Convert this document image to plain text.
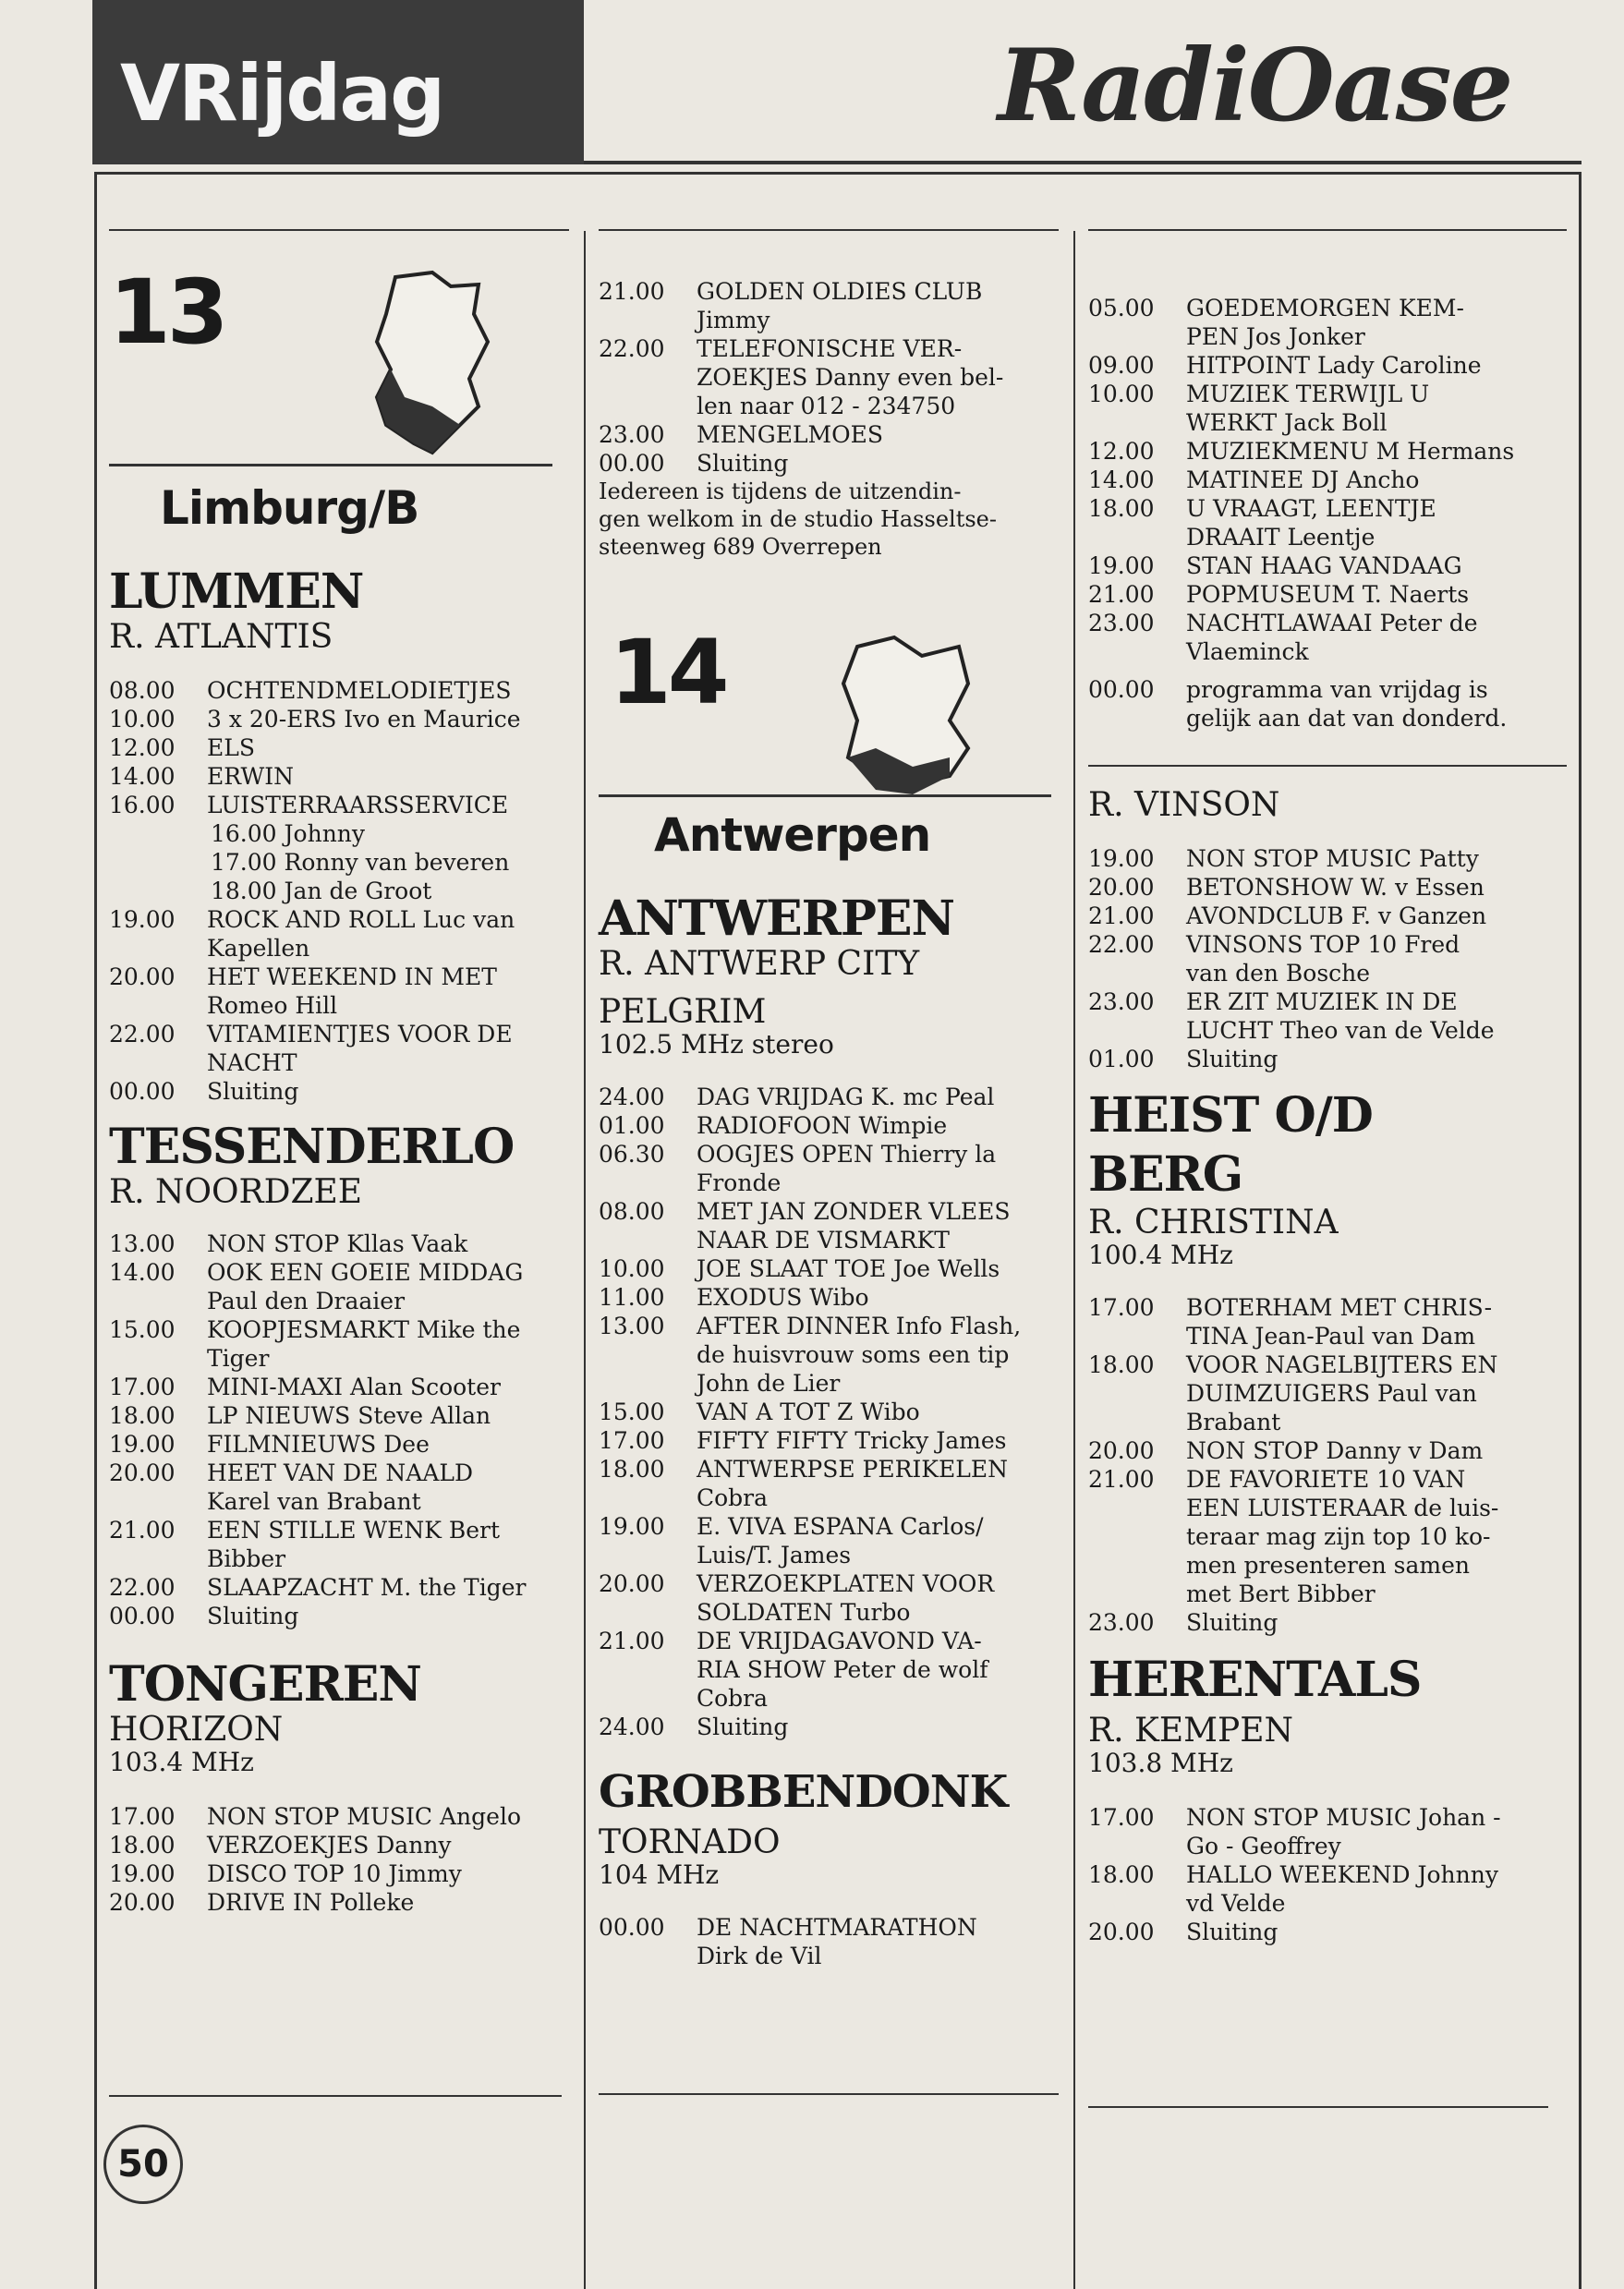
VRijdag	RadiOase
13
Limburg/B

LUMMEN

R. ATLANTIS

08.00	OCHTENDMELODIETJES
10.00	3 x 20-ERS Ivo en Maurice
12.00	ELS
14.00	ERWIN
16.00	LUISTERRAARSSERVICE

16.00 Johnny

17.00 Ronny van beveren

18.00 Jan de Groot

19.00	ROCK AND ROLL Luc van
Kapellen
20.00	HET WEEKEND IN MET
Romeo Hill
22.00	VITAMIENTJES VOOR DE
NACHT
00.00	Sluiting

TESSENDERLO

R. NOORDZEE

13.00	NON STOP Kllas Vaak
14.00	OOK EEN GOEIE MIDDAG
Paul den Draaier
15.00	KOOPJESMARKT Mike the
Tiger
17.00	MINI-MAXI Alan Scooter
18.00	LP NIEUWS Steve Allan
19.00	FILMNIEUWS Dee
20.00	HEET VAN DE NAALD
Karel van Brabant
21.00	EEN STILLE WENK Bert
Bibber
22.00	SLAAPZACHT M. the Tiger
00.00	Sluiting

TONGEREN

HORIZON

103.4 MHz

17.00	NON STOP MUSIC Angelo
18.00	VERZOEKJES Danny
19.00	DISCO TOP 10 Jimmy
20.00	DRIVE IN Polleke
21.00	GOLDEN OLDIES CLUB
Jimmy
22.00	TELEFONISCHE VER-
ZOEKJES Danny even bel-
len naar 012 - 234750
23.00	MENGELMOES
00.00	Sluiting

Iedereen is tijdens de uitzendin-
gen welkom in de studio Hasseltse-
steenweg 689 Overrepen

14
Antwerpen

ANTWERPEN

R. ANTWERP CITY

PELGRIM

102.5 MHz stereo

24.00	DAG VRIJDAG K. mc Peal
01.00	RADIOFOON Wimpie
06.30	OOGJES OPEN Thierry la
Fronde
08.00	MET JAN ZONDER VLEES
NAAR DE VISMARKT
10.00	JOE SLAAT TOE Joe Wells
11.00	EXODUS Wibo
13.00	AFTER DINNER Info Flash,
de huisvrouw soms een tip
John de Lier
15.00	VAN A TOT Z Wibo
17.00	FIFTY FIFTY Tricky James
18.00	ANTWERPSE PERIKELEN
Cobra
19.00	E. VIVA ESPANA Carlos/
Luis/T. James
20.00	VERZOEKPLATEN VOOR
SOLDATEN Turbo
21.00	DE VRIJDAGAVOND VA-
RIA SHOW Peter de wolf
Cobra
24.00	Sluiting

GROBBENDONK

TORNADO

104 MHz

00.00	DE NACHTMARATHON
Dirk de Vil
05.00	GOEDEMORGEN KEM-
PEN Jos Jonker
09.00	HITPOINT Lady Caroline
10.00	MUZIEK TERWIJL U
WERKT Jack Boll
12.00	MUZIEKMENU M Hermans
14.00	MATINEE DJ Ancho
18.00	U VRAAGT, LEENTJE
DRAAIT Leentje
19.00	STAN HAAG VANDAAG
21.00	POPMUSEUM T. Naerts
23.00	NACHTLAWAAI Peter de
Vlaeminck
00.00	programma van vrijdag is
gelijk aan dat van donderd.

R. VINSON

19.00	NON STOP MUSIC Patty
20.00	BETONSHOW W. v Essen
21.00	AVONDCLUB F. v Ganzen
22.00	VINSONS TOP 10 Fred
van den Bosche
23.00	ER ZIT MUZIEK IN DE
LUCHT Theo van de Velde
01.00	Sluiting

HEIST O/D

BERG

R. CHRISTINA

100.4 MHz

17.00	BOTERHAM MET CHRIS-
TINA Jean-Paul van Dam
18.00	VOOR NAGELBIJTERS EN
DUIMZUIGERS Paul van
Brabant
20.00	NON STOP Danny v Dam
21.00	DE FAVORIETE 10 VAN
EEN LUISTERAAR de luis-
teraar mag zijn top 10 ko-
men presenteren samen
met Bert Bibber
23.00	Sluiting

HERENTALS

R. KEMPEN

103.8 MHz

17.00	NON STOP MUSIC Johan -
Go - Geoffrey
18.00	HALLO WEEKEND Johnny
vd Velde
20.00	Sluiting
50
